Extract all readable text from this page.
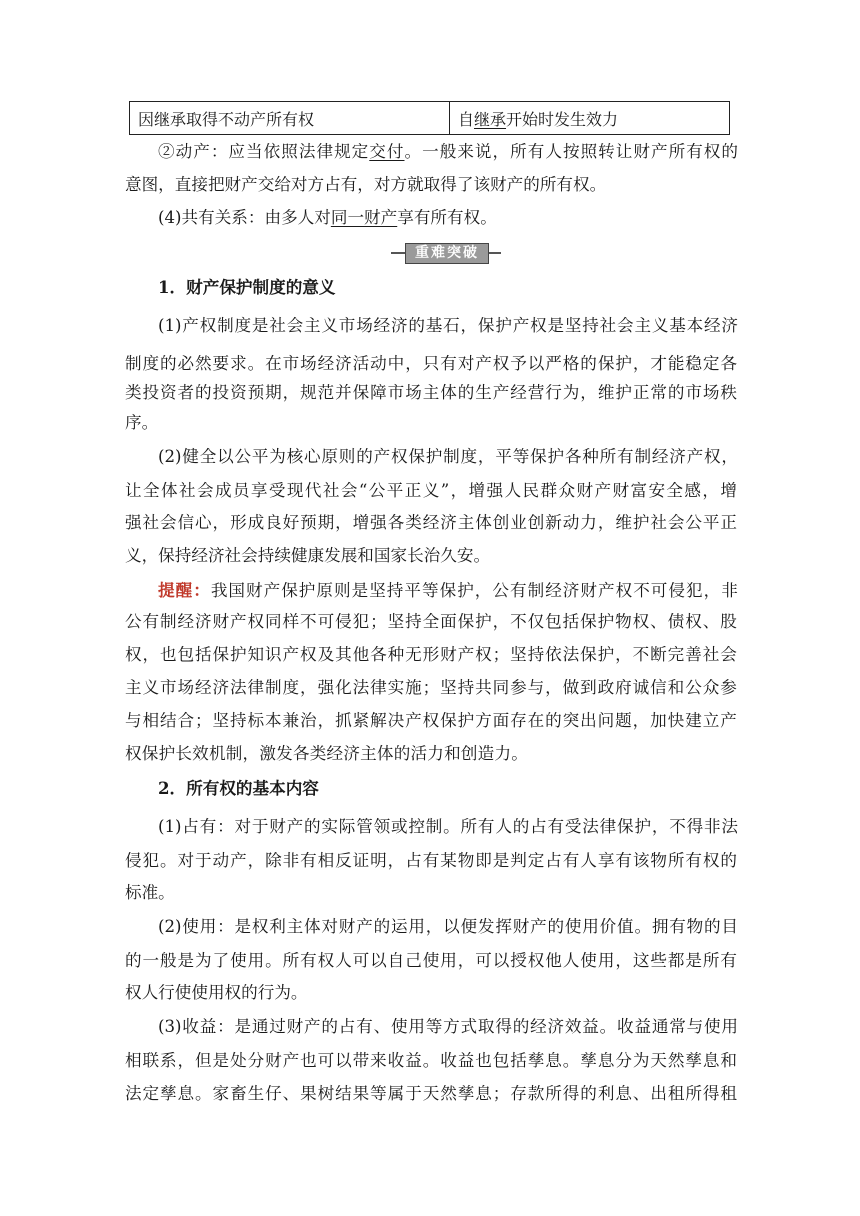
因继承取得不动产所有权	自继承开始时发生效力
②动产：应当依照法律规定交付。一般来说，所有人按照转让财产所有权的
意图，直接把财产交给对方占有，对方就取得了该财产的所有权。
(4)共有关系：由多人对同一财产享有所有权。
重难突破
1．财产保护制度的意义
(1)产权制度是社会主义市场经济的基石，保护产权是坚持社会主义基本经济
制度的必然要求。在市场经济活动中，只有对产权予以严格的保护，才能稳定各
类投资者的投资预期，规范并保障市场主体的生产经营行为，维护正常的市场秩
序。
(2)健全以公平为核心原则的产权保护制度，平等保护各种所有制经济产权，
让全体社会成员享受现代社会“公平正义”，增强人民群众财产财富安全感，增
强社会信心，形成良好预期，增强各类经济主体创业创新动力，维护社会公平正
义，保持经济社会持续健康发展和国家长治久安。
提醒：我国财产保护原则是坚持平等保护，公有制经济财产权不可侵犯，非
公有制经济财产权同样不可侵犯；坚持全面保护，不仅包括保护物权、债权、股
权，也包括保护知识产权及其他各种无形财产权；坚持依法保护，不断完善社会
主义市场经济法律制度，强化法律实施；坚持共同参与，做到政府诚信和公众参
与相结合；坚持标本兼治，抓紧解决产权保护方面存在的突出问题，加快建立产
权保护长效机制，激发各类经济主体的活力和创造力。
2．所有权的基本内容
(1)占有：对于财产的实际管领或控制。所有人的占有受法律保护，不得非法
侵犯。对于动产，除非有相反证明，占有某物即是判定占有人享有该物所有权的
标准。
(2)使用：是权利主体对财产的运用，以便发挥财产的使用价值。拥有物的目
的一般是为了使用。所有权人可以自己使用，可以授权他人使用，这些都是所有
权人行使使用权的行为。
(3)收益：是通过财产的占有、使用等方式取得的经济效益。收益通常与使用
相联系，但是处分财产也可以带来收益。收益也包括孳息。孳息分为天然孳息和
法定孳息。家畜生仔、果树结果等属于天然孳息；存款所得的利息、出租所得租
